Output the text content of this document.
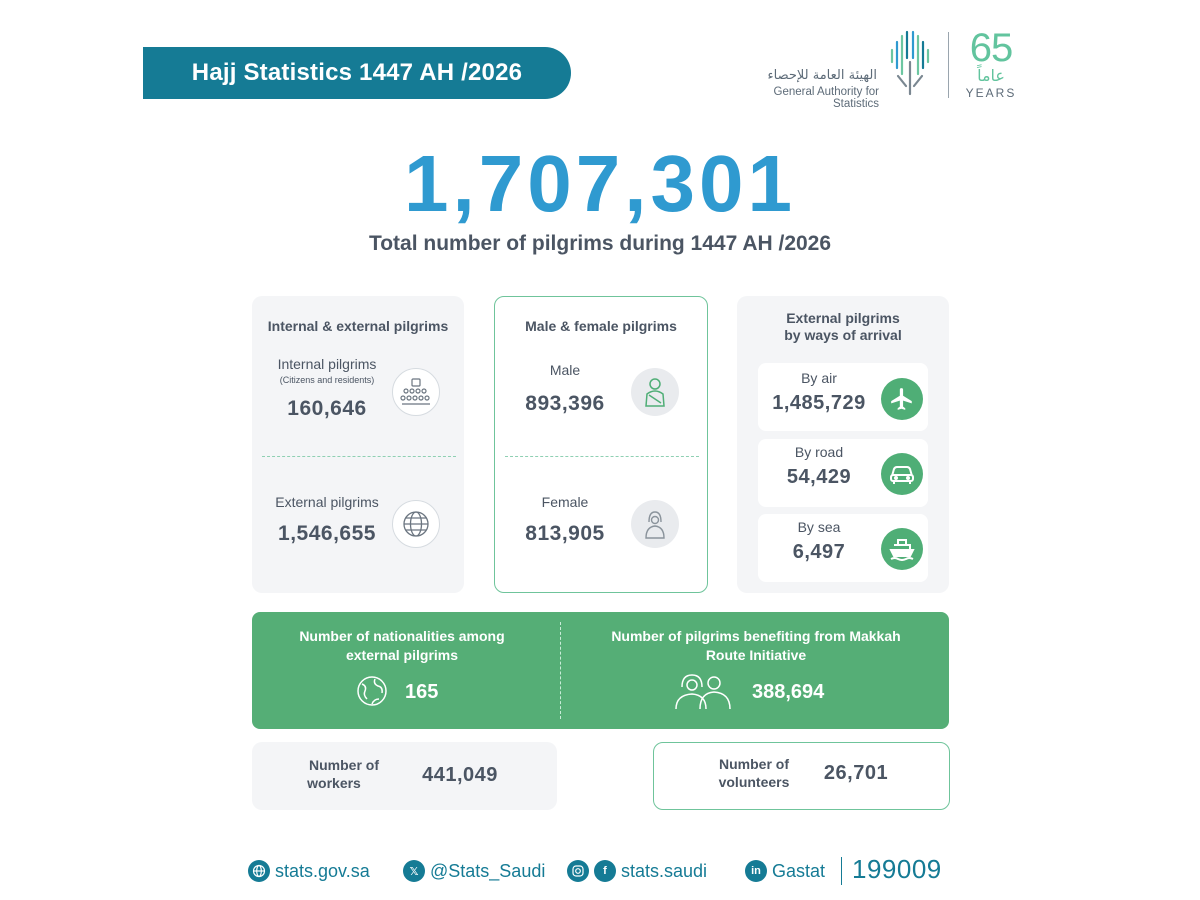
Hajj Statistics 1447 AH /2026	الهيئة العامة للإحصاء
General Authority for Statistics
65
عاماً
YEARS
1,707,301
Total number of pilgrims during 1447 AH /2026
Internal & external pilgrims
Internal pilgrims
(Citizens and residents)
160,646
External pilgrims
1,546,655
Male & female pilgrims
Male
893,396
Female
813,905
External pilgrims
by ways of arrival
By air
1,485,729
By road
54,429
By sea
6,497
Number of nationalities among
external pilgrims
165
Number of pilgrims benefiting from Makkah
Route Initiative
388,694
Number of
workers	441,049	Number of
volunteers	26,701
stats.gov.sa	𝕏 @Stats_Saudi	f stats.saudi	in Gastat 199009
